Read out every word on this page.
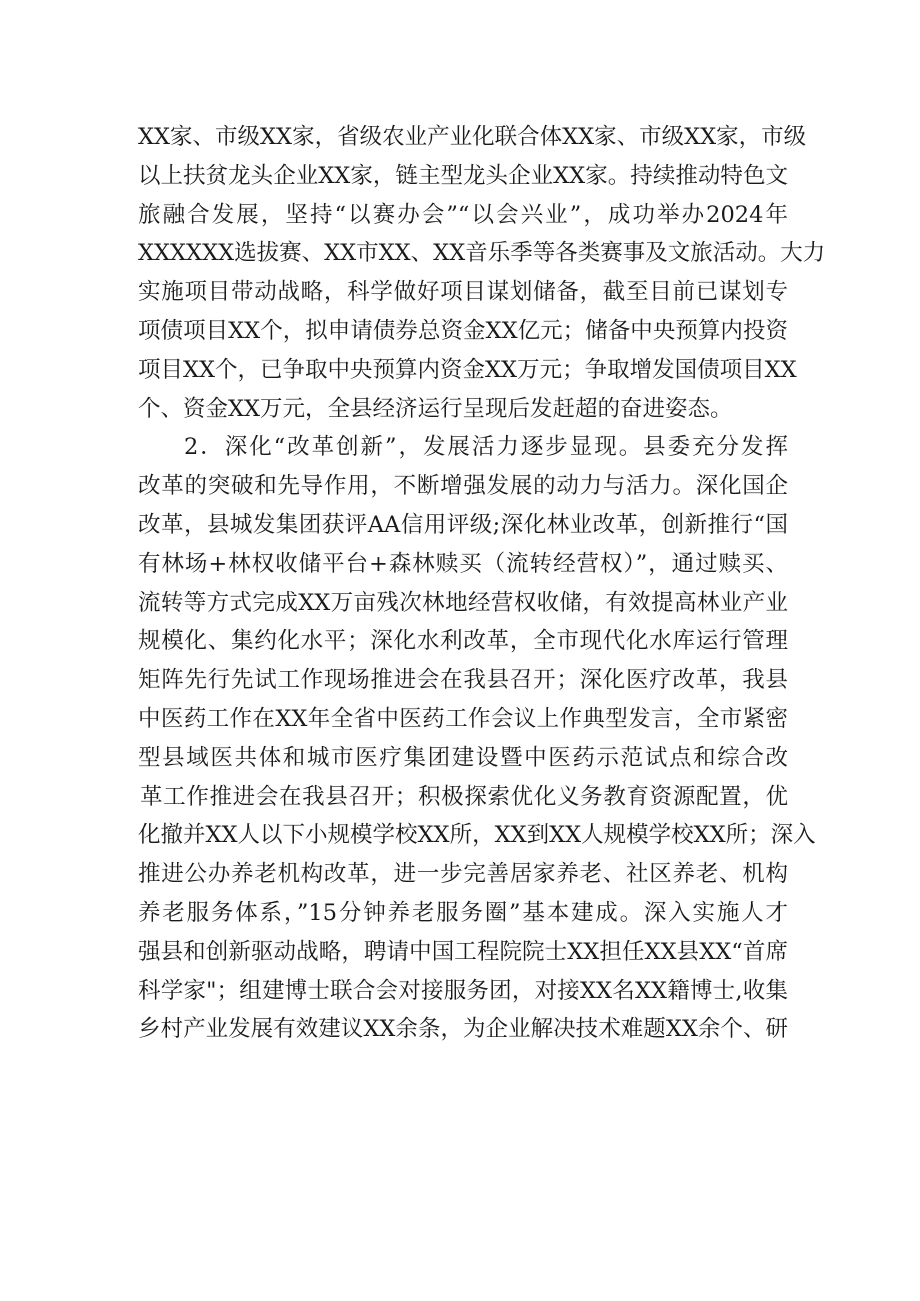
XX家、市级XX家，省级农业产业化联合体XX家、市级XX家，市级
以上扶贫龙头企业XX家，链主型龙头企业XX家。持续推动特色文
旅融合发展，坚持“以赛办会”“以会兴业”，成功举办2024年
XXXXXX选拔赛、XX市XX、XX音乐季等各类赛事及文旅活动。大力
实施项目带动战略，科学做好项目谋划储备，截至目前已谋划专
项债项目XX个，拟申请债券总资金XX亿元；储备中央预算内投资
项目XX个，已争取中央预算内资金XX万元；争取增发国债项目XX
个、资金XX万元，全县经济运行呈现后发赶超的奋进姿态。
2．深化“改革创新”，发展活力逐步显现。县委充分发挥
改革的突破和先导作用，不断增强发展的动力与活力。深化国企
改革，县城发集团获评AA信用评级;深化林业改革，创新推行“国
有林场+林权收储平台+森林赎买（流转经营权）”，通过赎买、
流转等方式完成XX万亩残次林地经营权收储，有效提高林业产业
规模化、集约化水平；深化水利改革，全市现代化水库运行管理
矩阵先行先试工作现场推进会在我县召开；深化医疗改革，我县
中医药工作在XX年全省中医药工作会议上作典型发言，全市紧密
型县域医共体和城市医疗集团建设暨中医药示范试点和综合改
革工作推进会在我县召开；积极探索优化义务教育资源配置，优
化撤并XX人以下小规模学校XX所，XX到XX人规模学校XX所；深入
推进公办养老机构改革，进一步完善居家养老、社区养老、机构
养老服务体系，”15分钟养老服务圈”基本建成。深入实施人才
强县和创新驱动战略，聘请中国工程院院士XX担任XX县XX“首席
科学家"；组建博士联合会对接服务团，对接XX名XX籍博士,收集
乡村产业发展有效建议XX余条，为企业解决技术难题XX余个、研
